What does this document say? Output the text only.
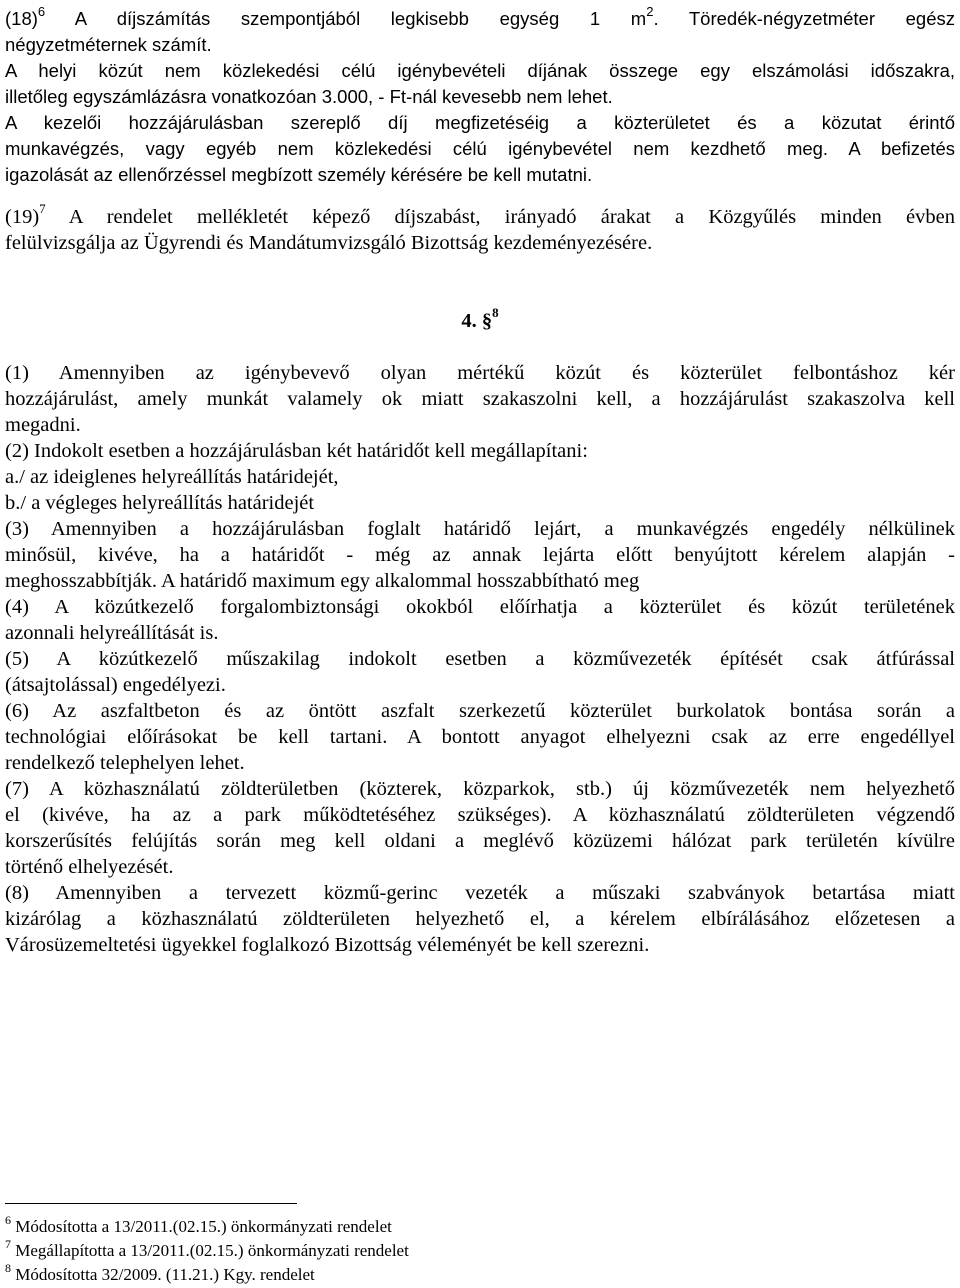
$(18)^6$ A díjszámítás szempontjából legkisebb egység 1 $m^2$. Töredék-négyzetméter egész
négyzetméternek számít.
A helyi közút nem közlekedési célú igénybevételi díjának összege egy elszámolási időszakra,
illetőleg egyszámlázásra vonatkozóan 3.000, - Ft-nál kevesebb nem lehet.
A kezelői hozzájárulásban szereplő díj megfizetéséig a közterületet és a közutat érintő
munkavégzés, vagy egyéb nem közlekedési célú igénybevétel nem kezdhető meg. A befizetés
igazolását az ellenőrzéssel megbízott személy kérésére be kell mutatni.
$(19)^7$ A rendelet mellékletét képező díjszabást, irányadó árakat a Közgyűlés minden évben
felülvizsgálja az Ügyrendi és Mandátumvizsgáló Bizottság kezdeményezésére.
4. §$^8$
(1) Amennyiben az igénybevevő olyan mértékű közút és közterület felbontáshoz kér
hozzájárulást, amely munkát valamely ok miatt szakaszolni kell, a hozzájárulást szakaszolva kell
megadni.
(2) Indokolt esetben a hozzájárulásban két határidőt kell megállapítani:
a./ az ideiglenes helyreállítás határidejét,
b./ a végleges helyreállítás határidejét
(3) Amennyiben a hozzájárulásban foglalt határidő lejárt, a munkavégzés engedély nélkülinek
minősül, kivéve, ha a határidőt - még az annak lejárta előtt benyújtott kérelem alapján -
meghosszabbítják. A határidő maximum egy alkalommal hosszabbítható meg
(4) A közútkezelő forgalombiztonsági okokból előírhatja a közterület és közút területének
azonnali helyreállítását is.
(5) A közútkezelő műszakilag indokolt esetben a közművezeték építését csak átfúrással
(átsajtolással) engedélyezi.
(6) Az aszfaltbeton és az öntött aszfalt szerkezetű közterület burkolatok bontása során a
technológiai előírásokat be kell tartani. A bontott anyagot elhelyezni csak az erre engedéllyel
rendelkező telephelyen lehet.
(7) A közhasználatú zöldterületben (közterek, közparkok, stb.) új közművezeték nem helyezhető
el (kivéve, ha az a park működtetéséhez szükséges). A közhasználatú zöldterületen végzendő
korszerűsítés felújítás során meg kell oldani a meglévő közüzemi hálózat park területén kívülre
történő elhelyezését.
(8) Amennyiben a tervezett közmű-gerinc vezeték a műszaki szabványok betartása miatt
kizárólag a közhasználatú zöldterületen helyezhető el, a kérelem elbírálásához előzetesen a
Városüzemeltetési ügyekkel foglalkozó Bizottság véleményét be kell szerezni.
$^6$ Módosította a 13/2011.(02.15.) önkormányzati rendelet
$^7$ Megállapította a 13/2011.(02.15.) önkormányzati rendelet
$^8$ Módosította 32/2009. (11.21.) Kgy. rendelet
